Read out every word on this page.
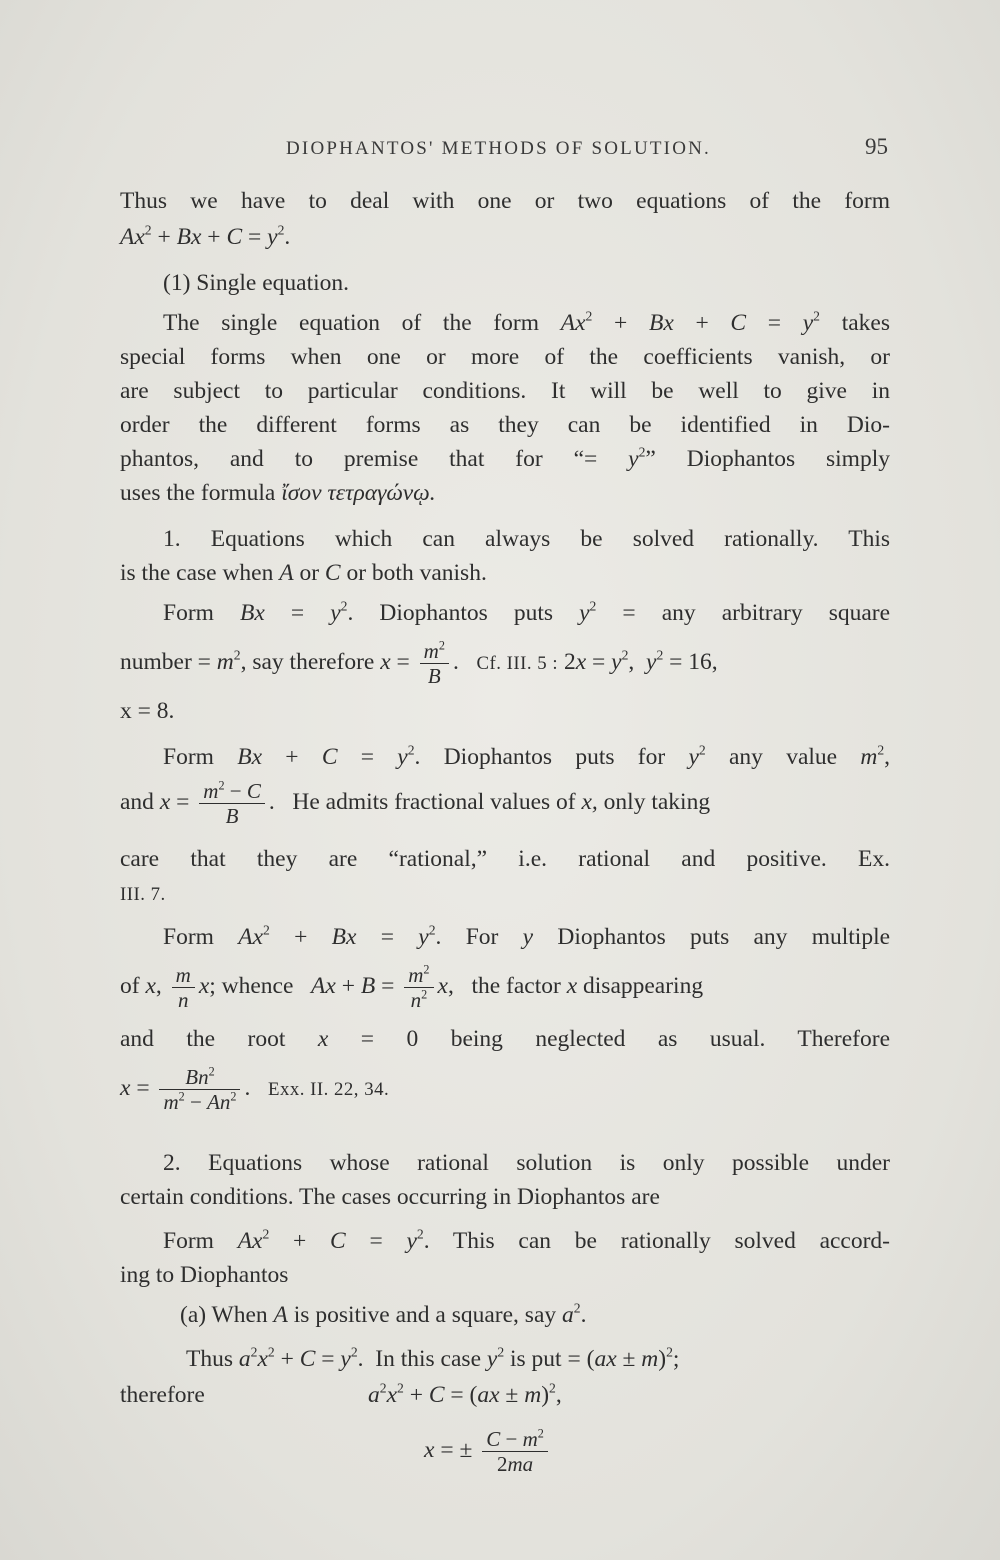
DIOPHANTOS' METHODS OF SOLUTION.	95
Thus we have to deal with one or two equations of the form
$Ax^2 + Bx + C = y^2$.
(1) Single equation.
The single equation of the form $Ax^2 + Bx + C = y^2$ takes
special forms when one or more of the coefficients vanish, or
are subject to particular conditions. It will be well to give in
order the different forms as they can be identified in Dio-
phantos, and to premise that for “= $y^2$” Diophantos simply
uses the formula ἴσον τετραγώνῳ.
1. Equations which can always be solved rationally. This
is the case when A or C or both vanish.
Form $Bx = y^2$. Diophantos puts $y^2$ = any arbitrary square
number = $m^2$, say therefore $x = \frac{m^2}{B}$ .   Cf. III. 5 : $2x = y^2$,  $y^2 = 16$,
x = 8.
Form $Bx + C = y^2$. Diophantos puts for $y^2$ any value $m^2$,
and $x = \frac{m^2 - C}{B}$ .   He admits fractional values of x, only taking
care that they are “rational,” i.e. rational and positive. Ex.
III. 7.
Form $Ax^2 + Bx = y^2$. For y Diophantos puts any multiple
of x, $\frac{m}{n} x$; whence $Ax + B = \frac{m^2}{n^2} x$,   the factor x disappearing
and the root x = 0 being neglected as usual. Therefore
$x = \frac{Bn^2}{m^2 - An^2}$ .   Exx. II. 22, 34.
2. Equations whose rational solution is only possible under
certain conditions. The cases occurring in Diophantos are
Form $Ax^2 + C = y^2$. This can be rationally solved accord-
ing to Diophantos
(a) When A is positive and a square, say $a^2$.
Thus $a^2x^2 + C = y^2$. In this case $y^2$ is put = (ax ± m)$^2$;
therefore	$a^2x^2 + C = (ax \pm m)^2$,
x = ± $\frac{C - m^2}{2ma}$
